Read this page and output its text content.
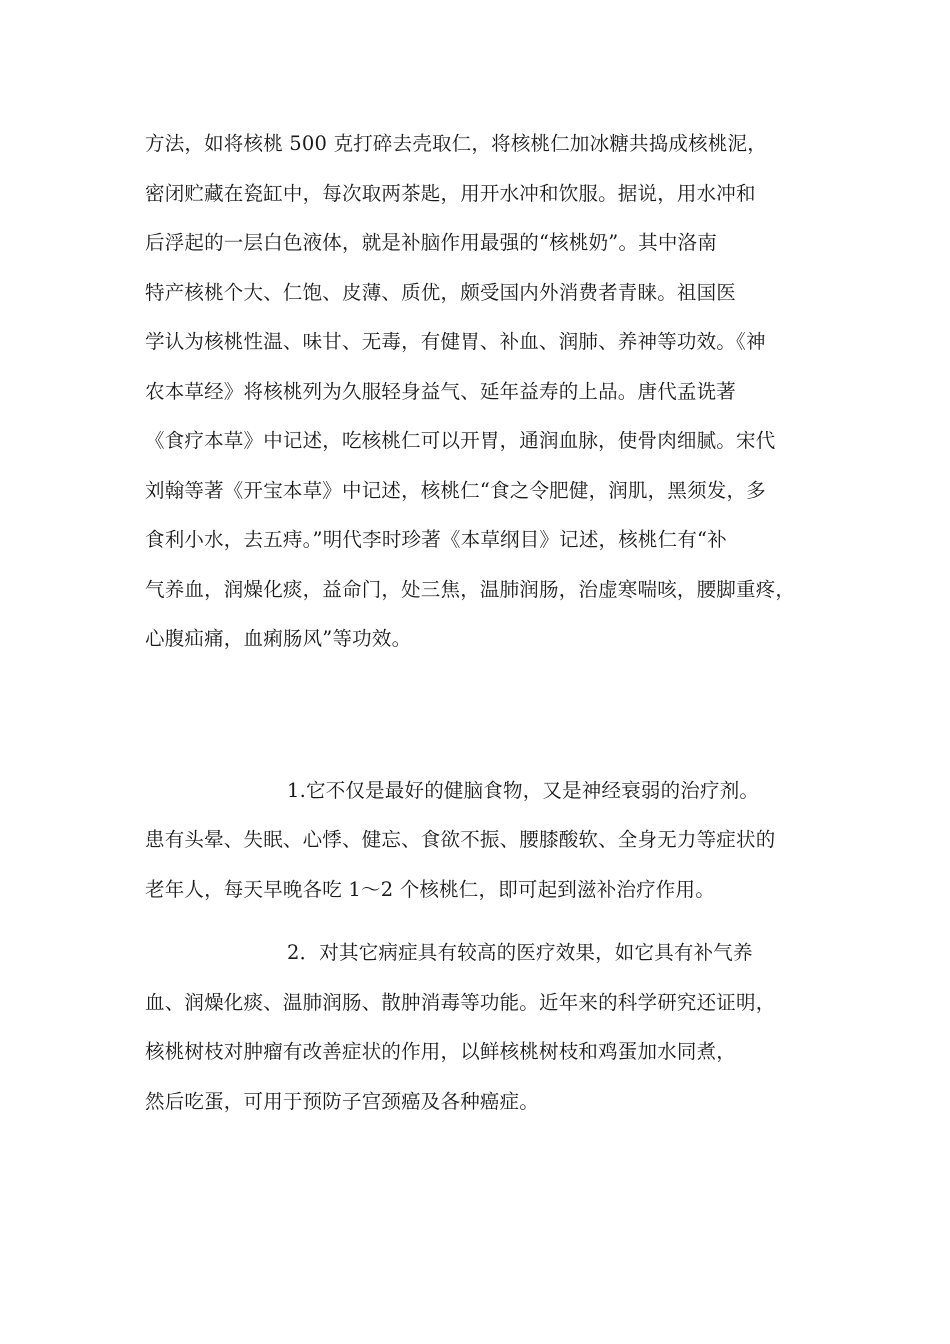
方法，如将核桃 500 克打碎去壳取仁，将核桃仁加冰糖共捣成核桃泥，
密闭贮藏在瓷缸中，每次取两茶匙，用开水冲和饮服。据说，用水冲和
后浮起的一层白色液体，就是补脑作用最强的“核桃奶”。其中洛南
特产核桃个大、仁饱、皮薄、质优，颇受国内外消费者青睐。祖国医
学认为核桃性温、味甘、无毒，有健胃、补血、润肺、养神等功效。《神
农本草经》将核桃列为久服轻身益气、延年益寿的上品。唐代孟诜著
《食疗本草》中记述，吃核桃仁可以开胃，通润血脉，使骨肉细腻。宋代
刘翰等著《开宝本草》中记述，核桃仁“食之令肥健，润肌，黑须发，多
食利小水，去五痔。”明代李时珍著《本草纲目》记述，核桃仁有“补
气养血，润燥化痰，益命门，处三焦，温肺润肠，治虚寒喘咳，腰脚重疼，
心腹疝痛，血痢肠风”等功效。
1.它不仅是最好的健脑食物，又是神经衰弱的治疗剂。
患有头晕、失眠、心悸、健忘、食欲不振、腰膝酸软、全身无力等症状的
老年人，每天早晚各吃 1～2 个核桃仁，即可起到滋补治疗作用。
2．对其它病症具有较高的医疗效果，如它具有补气养
血、润燥化痰、温肺润肠、散肿消毒等功能。近年来的科学研究还证明，
核桃树枝对肿瘤有改善症状的作用，以鲜核桃树枝和鸡蛋加水同煮，
然后吃蛋，可用于预防子宫颈癌及各种癌症。
